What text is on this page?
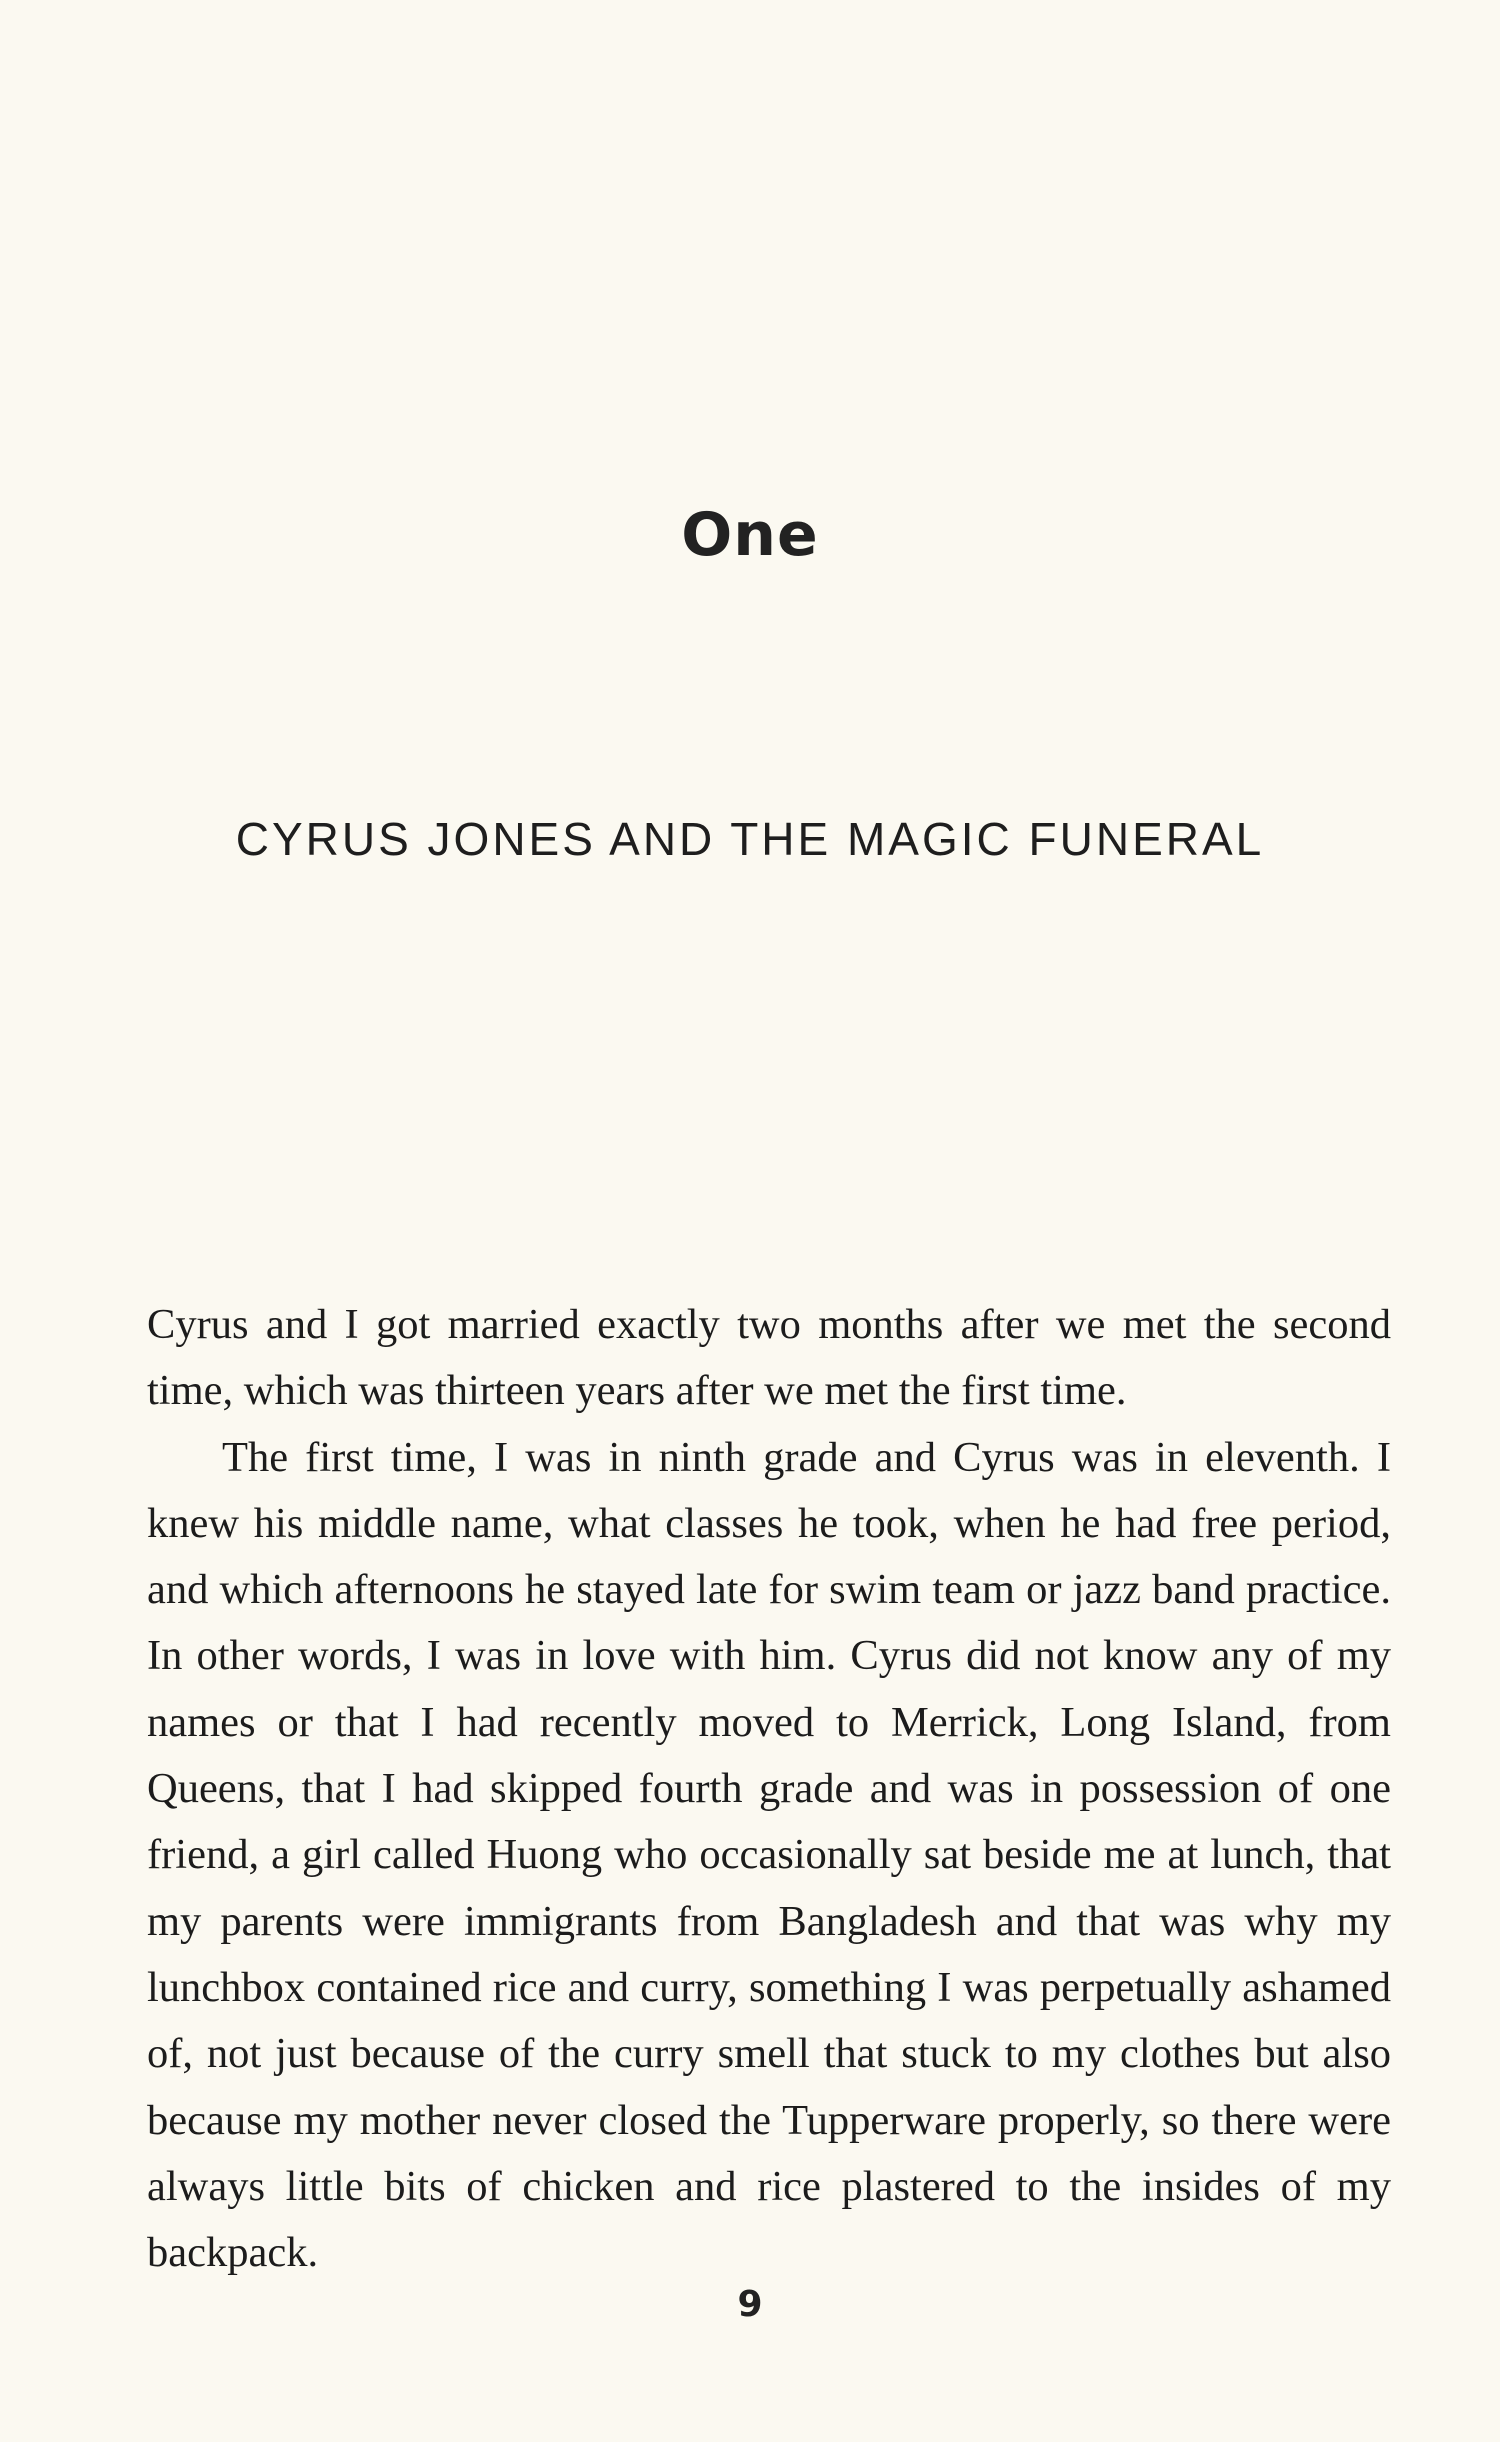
One
CYRUS JONES AND THE MAGIC FUNERAL

Cyrus and I got married exactly two months after we met the second time, which was thirteen years after we met the first time.

The first time, I was in ninth grade and Cyrus was in eleventh. I knew his middle name, what classes he took, when he had free period, and which afternoons he stayed late for swim team or jazz band practice. In other words, I was in love with him. Cyrus did not know any of my names or that I had recently moved to Merrick, Long Island, from Queens, that I had skipped fourth grade and was in possession of one friend, a girl called Huong who occasionally sat beside me at lunch, that my parents were immigrants from Bangladesh and that was why my lunchbox contained rice and curry, something I was perpetually ashamed of, not just because of the curry smell that stuck to my clothes but also because my mother never closed the Tupperware properly, so there were always little bits of chicken and rice plastered to the insides of my backpack.

9
